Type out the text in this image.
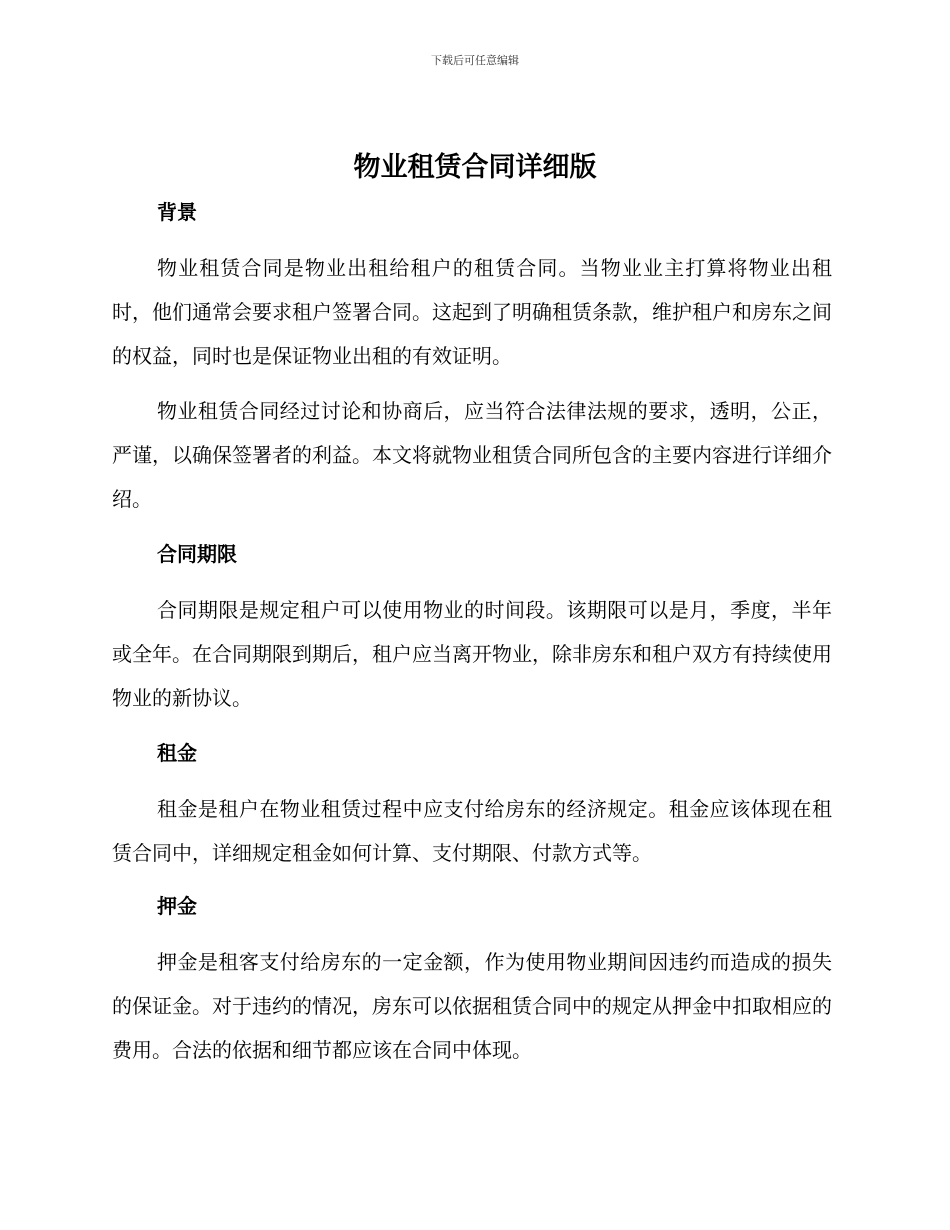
下载后可任意编辑
物业租赁合同详细版
背景

物业租赁合同是物业出租给租户的租赁合同。当物业业主打算将物业出租时，他们通常会要求租户签署合同。这起到了明确租赁条款，维护租户和房东之间的权益，同时也是保证物业出租的有效证明。

物业租赁合同经过讨论和协商后，应当符合法律法规的要求，透明，公正，严谨，以确保签署者的利益。本文将就物业租赁合同所包含的主要内容进行详细介绍。

合同期限

合同期限是规定租户可以使用物业的时间段。该期限可以是月，季度，半年或全年。在合同期限到期后，租户应当离开物业，除非房东和租户双方有持续使用物业的新协议。

租金

租金是租户在物业租赁过程中应支付给房东的经济规定。租金应该体现在租赁合同中，详细规定租金如何计算、支付期限、付款方式等。

押金

押金是租客支付给房东的一定金额，作为使用物业期间因违约而造成的损失的保证金。对于违约的情况，房东可以依据租赁合同中的规定从押金中扣取相应的费用。合法的依据和细节都应该在合同中体现。
